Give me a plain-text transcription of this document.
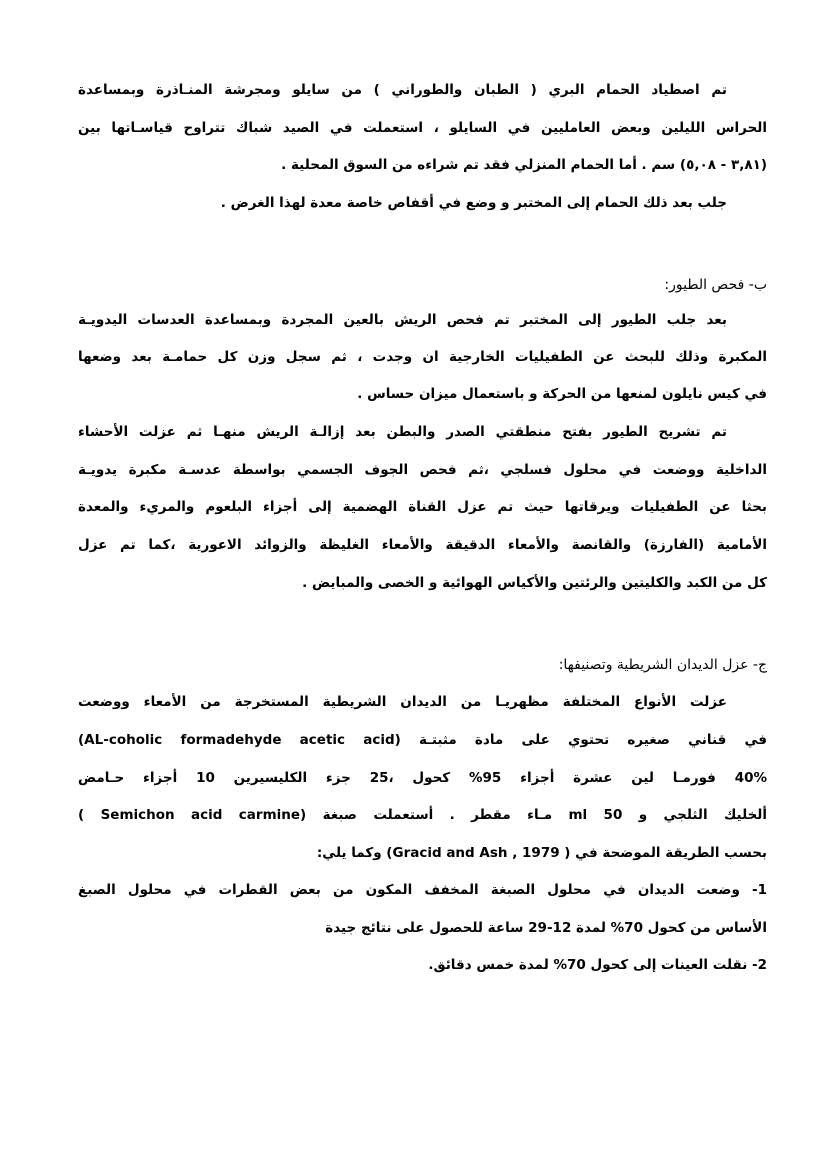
تم اصطياد الحمام البري ( الطبان والطوراني ) من سايلو ومجرشة المنـاذرة وبمساعدة
الحراس الليلين وبعض العامليين في السايلو ، استعملت في الصيد شباك تتراوح قياسـاتها بين
(٣,٨١ - ٥,٠٨) سم . أما الحمام المنزلي فقد تم شراءه من السوق المحلية .
جلب بعد ذلك الحمام إلى المختبر و وضع في أقفاص خاصة معدة لهذا الغرض .
ب- فحص الطيور:
بعد جلب الطيور إلى المختبر تم فحص الريش بالعين المجردة وبمساعدة العدسات اليدويـة
المكبرة وذلك للبحث عن الطفيليات الخارجية ان وجدت ، ثم سجل وزن كل حمامـة بعد وضعها
في كيس نايلون لمنعها من الحركة و باستعمال ميزان حساس .
تم تشريح الطيور بفتح منطقتي الصدر والبطن بعد إزالـة الريش منهـا ثم عزلت الأحشاء
الداخلية ووضعت في محلول فسلجي ،ثم فحص الجوف الجسمي بواسطة عدسـة مكبرة يدويـة
بحثا عن الطفيليات ويرقاتها حيث تم عزل القناة الهضمية إلى أجزاء البلعوم والمريء والمعدة
الأمامية (الفارزة) والقانصة والأمعاء الدقيقة والأمعاء الغليظة والزوائد الاعورية ،كما تم عزل
كل من الكبد والكليتين والرئتين والأكياس الهوائية و الخصى والمبايض .
ج- عزل الديدان الشريطية وتصنيفها:
عزلت الأنواع المختلفة مظهريـا من الديدان الشريطية المستخرجة من الأمعاء ووضعت
في قناني صغيره تحتوي على مادة مثبتـة (AL-coholic formadehyde acetic acid)
40% فورمـا لين عشرة أجزاء 95% كحول ،25 جزء الكليسيرين 10 أجزاء حـامض
ألخليك الثلجي و ml 50 مـاء مقطر . أستعملت صبغة (Semichon acid carmine )
بحسب الطريقة الموضحة في ( Gracid and Ash , 1979) وكما يلي:
1- وضعت الديدان في محلول الصبغة المخفف المكون من بعض القطرات في محلول الصبغ
الأساس من كحول 70% لمدة 12-29 ساعة للحصول على نتائج جيدة
2- نقلت العينات إلى كحول 70% لمدة خمس دقائق.
